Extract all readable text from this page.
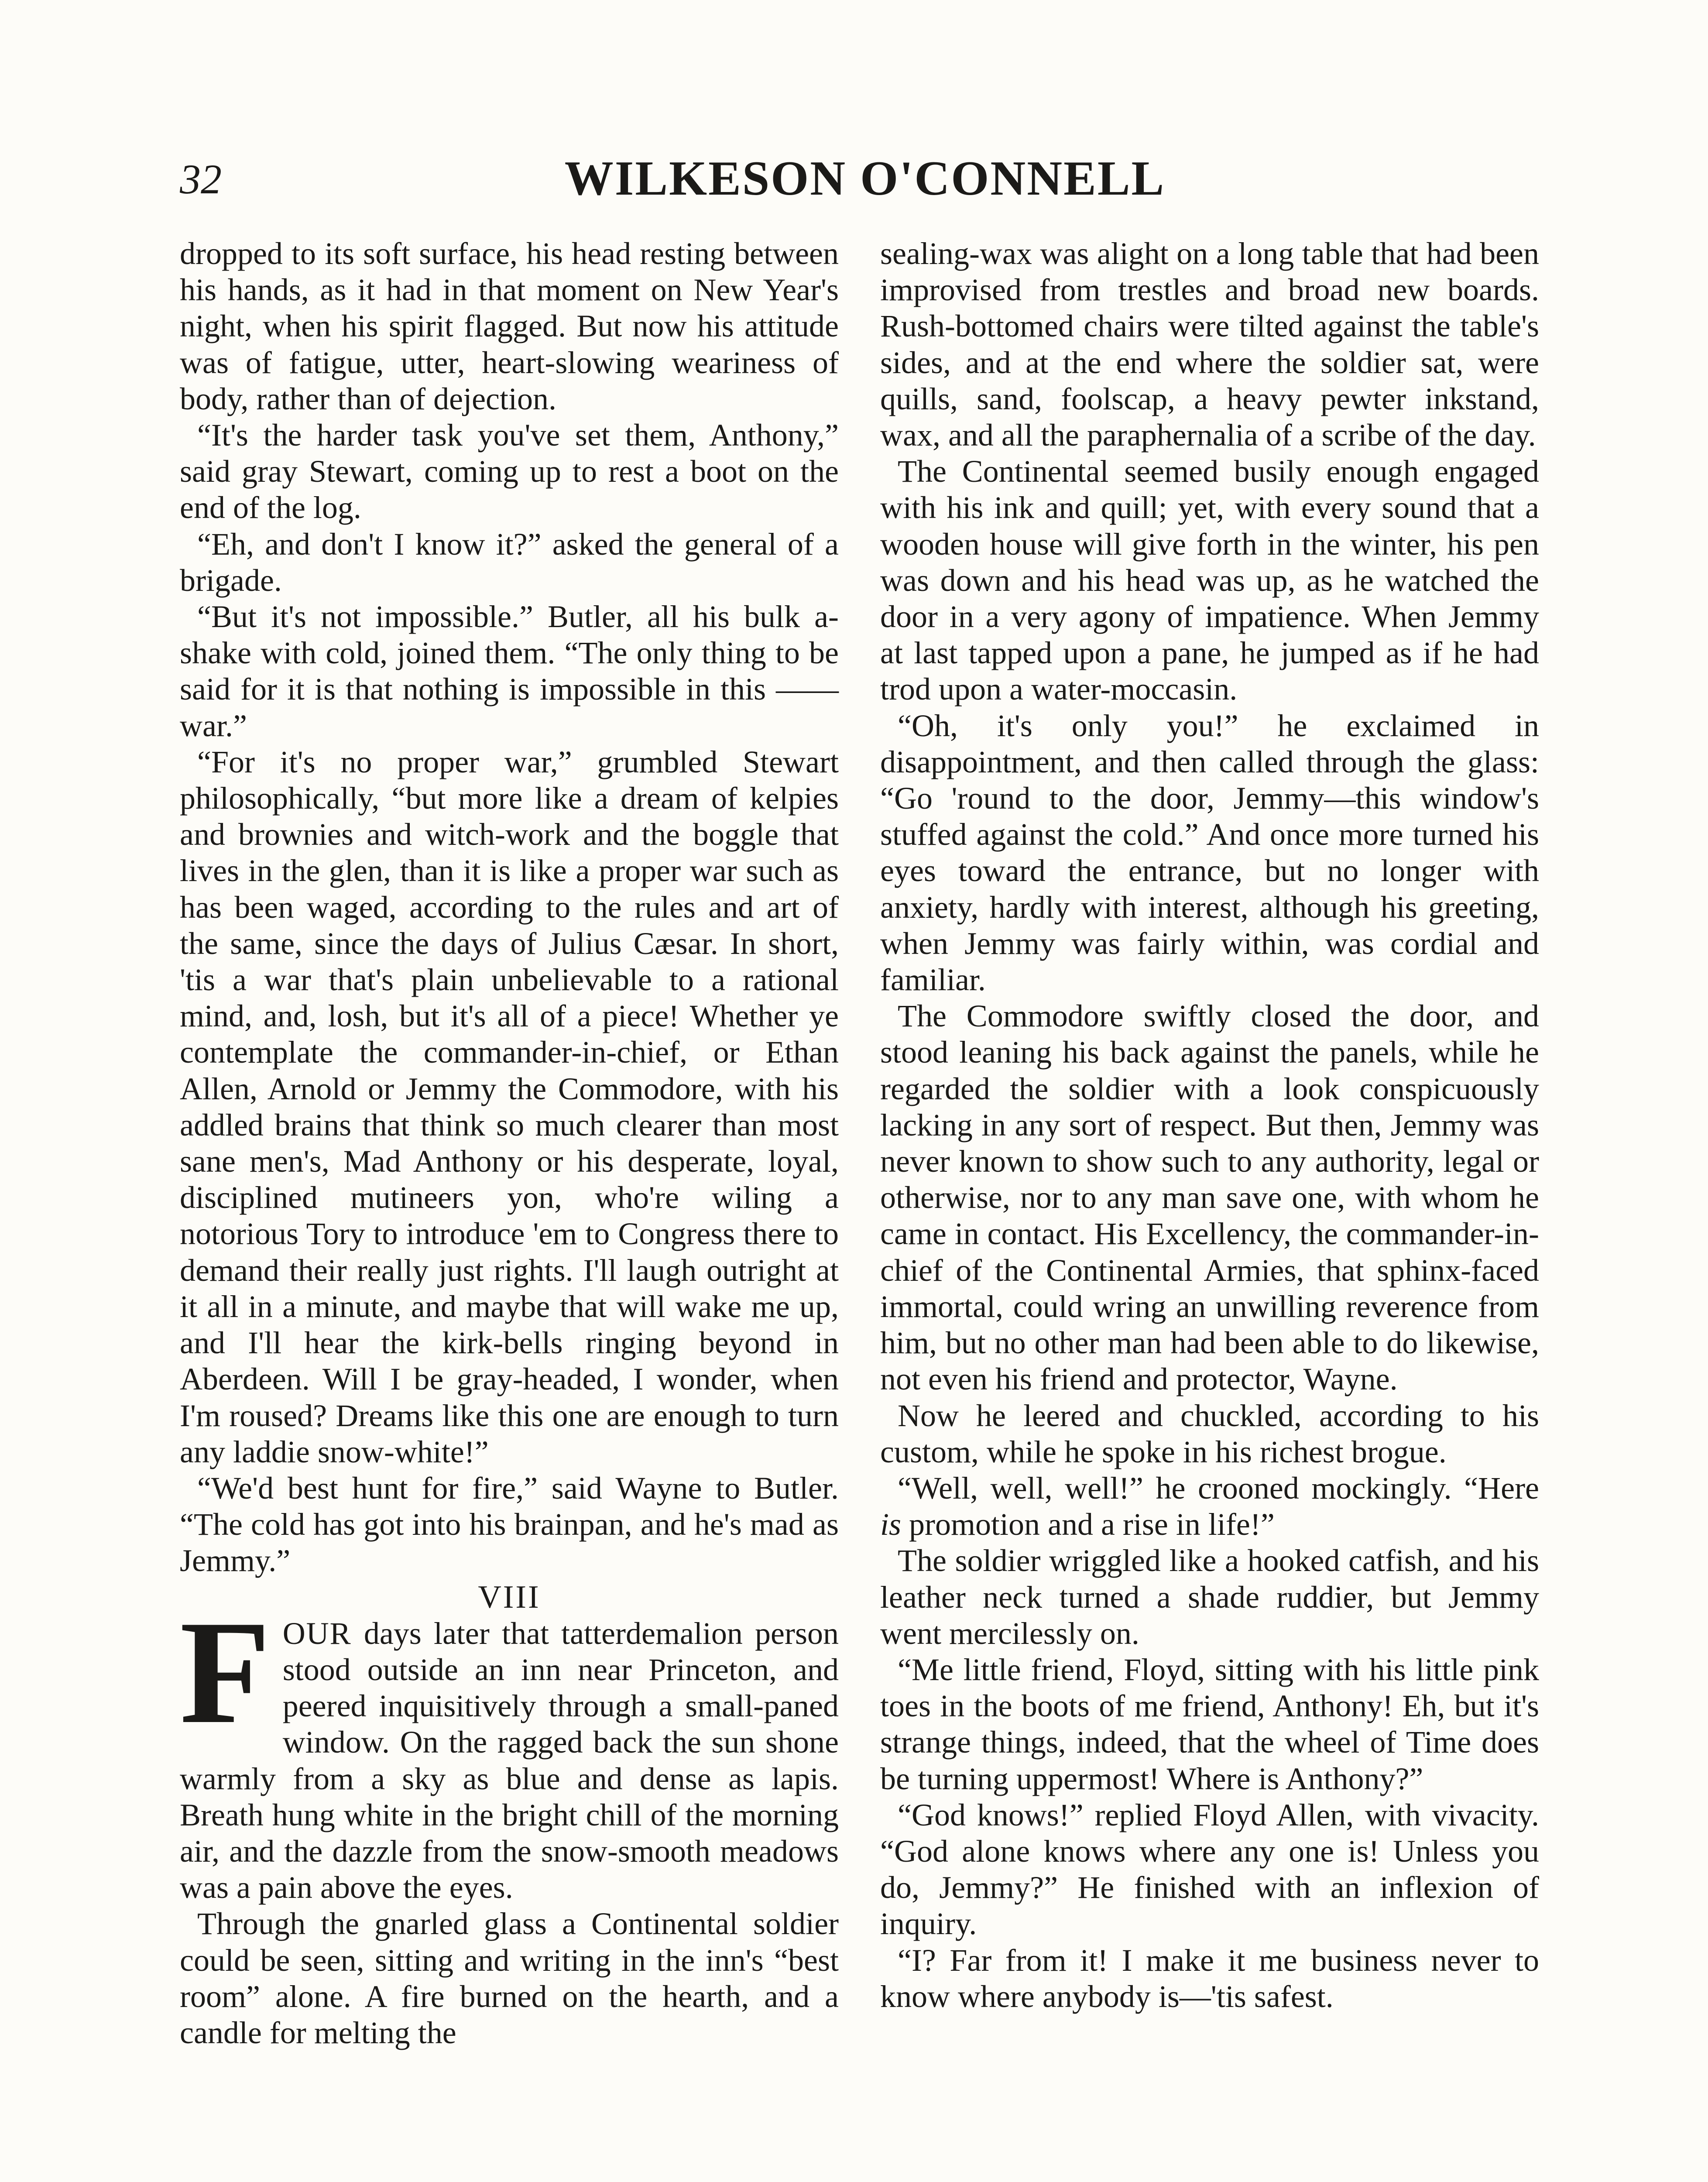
32	WILKESON O'CONNELL

dropped to its soft surface, his head resting between his hands, as it had in that moment on New Year's night, when his spirit flagged. But now his attitude was of fatigue, utter, heart-slowing weariness of body, rather than of dejection.

“It's the harder task you've set them, Anthony,” said gray Stewart, coming up to rest a boot on the end of the log.

“Eh, and don't I know it?” asked the general of a brigade.

“But it's not impossible.” Butler, all his bulk a-shake with cold, joined them. “The only thing to be said for it is that nothing is impossible in this —— war.”

“For it's no proper war,” grumbled Stewart philosophically, “but more like a dream of kelpies and brownies and witch-work and the boggle that lives in the glen, than it is like a proper war such as has been waged, according to the rules and art of the same, since the days of Julius Cæsar. In short, 'tis a war that's plain unbelievable to a rational mind, and, losh, but it's all of a piece! Whether ye contemplate the commander-in-chief, or Ethan Allen, Arnold or Jemmy the Commodore, with his addled brains that think so much clearer than most sane men's, Mad Anthony or his desperate, loyal, disciplined mutineers yon, who're wiling a notorious Tory to introduce 'em to Congress there to demand their really just rights. I'll laugh outright at it all in a minute, and maybe that will wake me up, and I'll hear the kirk-bells ringing beyond in Aberdeen. Will I be gray-headed, I wonder, when I'm roused? Dreams like this one are enough to turn any laddie snow-white!”

“We'd best hunt for fire,” said Wayne to Butler. “The cold has got into his brainpan, and he's mad as Jemmy.”

VIII

FOUR days later that tatterdemalion person stood outside an inn near Princeton, and peered inquisitively through a small-paned window. On the ragged back the sun shone warmly from a sky as blue and dense as lapis. Breath hung white in the bright chill of the morning air, and the dazzle from the snow-smooth meadows was a pain above the eyes.

Through the gnarled glass a Continental soldier could be seen, sitting and writing in the inn's “best room” alone. A fire burned on the hearth, and a candle for melting the

sealing-wax was alight on a long table that had been improvised from trestles and broad new boards. Rush-bottomed chairs were tilted against the table's sides, and at the end where the soldier sat, were quills, sand, foolscap, a heavy pewter inkstand, wax, and all the paraphernalia of a scribe of the day.

The Continental seemed busily enough engaged with his ink and quill; yet, with every sound that a wooden house will give forth in the winter, his pen was down and his head was up, as he watched the door in a very agony of impatience. When Jemmy at last tapped upon a pane, he jumped as if he had trod upon a water-moccasin.

“Oh, it's only you!” he exclaimed in disappointment, and then called through the glass: “Go 'round to the door, Jemmy—this window's stuffed against the cold.” And once more turned his eyes toward the entrance, but no longer with anxiety, hardly with interest, although his greeting, when Jemmy was fairly within, was cordial and familiar.

The Commodore swiftly closed the door, and stood leaning his back against the panels, while he regarded the soldier with a look conspicuously lacking in any sort of respect. But then, Jemmy was never known to show such to any authority, legal or otherwise, nor to any man save one, with whom he came in contact. His Excellency, the commander-in-chief of the Continental Armies, that sphinx-faced immortal, could wring an unwilling reverence from him, but no other man had been able to do likewise, not even his friend and protector, Wayne.

Now he leered and chuckled, according to his custom, while he spoke in his richest brogue.

“Well, well, well!” he crooned mockingly. “Here is promotion and a rise in life!”

The soldier wriggled like a hooked catfish, and his leather neck turned a shade ruddier, but Jemmy went mercilessly on.

“Me little friend, Floyd, sitting with his little pink toes in the boots of me friend, Anthony! Eh, but it's strange things, indeed, that the wheel of Time does be turning uppermost! Where is Anthony?”

“God knows!” replied Floyd Allen, with vivacity. “God alone knows where any one is! Unless you do, Jemmy?” He finished with an inflexion of inquiry.

“I? Far from it! I make it me business never to know where anybody is—'tis safest.
